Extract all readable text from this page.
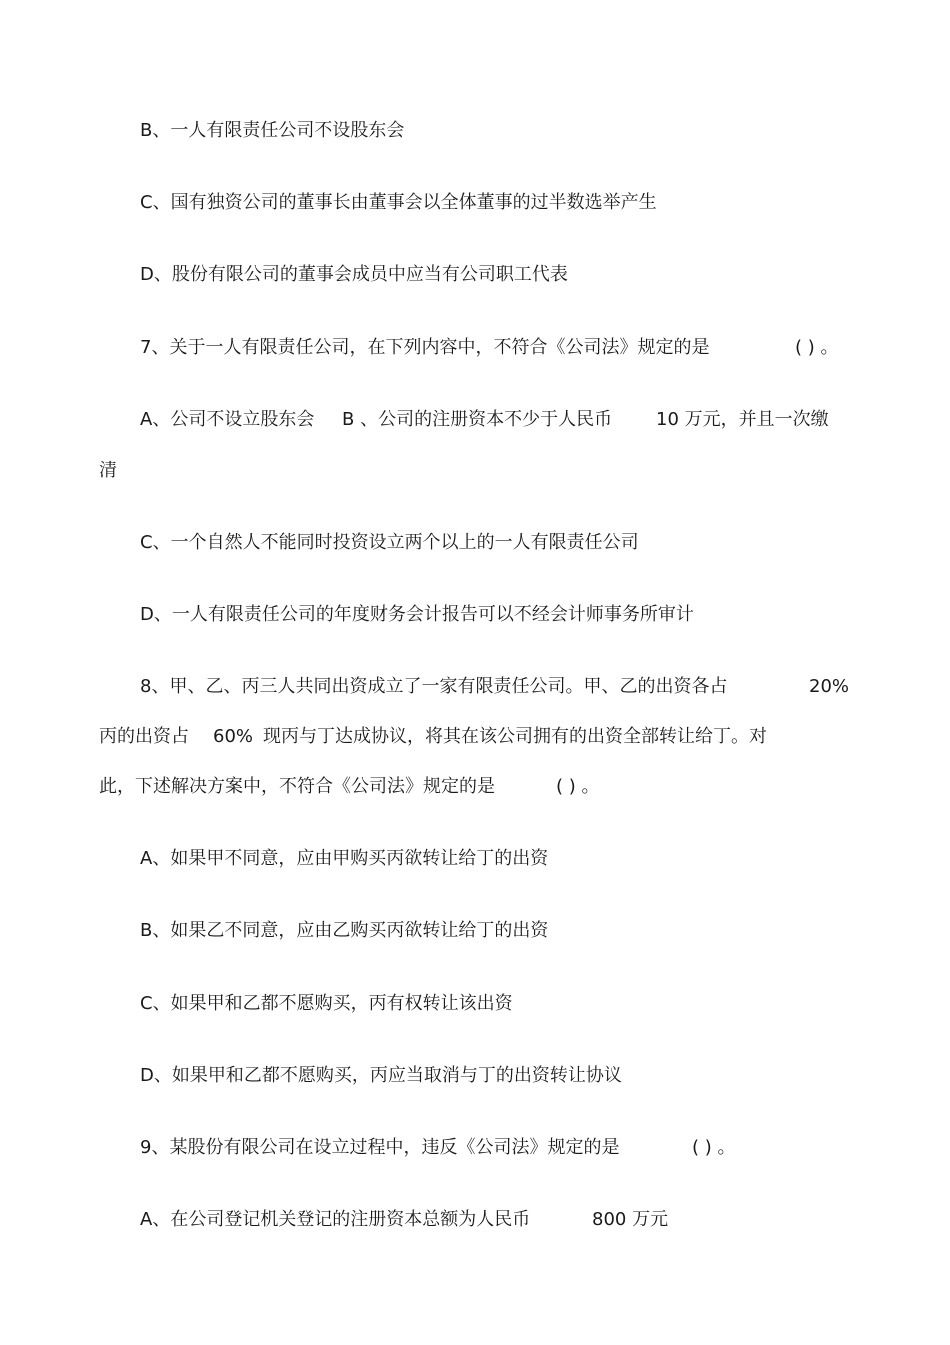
B、一人有限责任公司不设股东会
C、国有独资公司的董事长由董事会以全体董事的过半数选举产生
D、股份有限公司的董事会成员中应当有公司职工代表
7、关于一人有限责任公司，在下列内容中，不符合《公司法》规定的是	( ) 。
A、公司不设立股东会 B 、公司的注册资本不少于人民币 10 万元，并且一次缴
清
C、一个自然人不能同时投资设立两个以上的一人有限责任公司
D、一人有限责任公司的年度财务会计报告可以不经会计师事务所审计
8、甲、乙、丙三人共同出资成立了一家有限责任公司。甲、乙的出资各占	20%
丙的出资占 60% 现丙与丁达成协议，将其在该公司拥有的出资全部转让给丁。对
此，下述解决方案中，不符合《公司法》规定的是	( ) 。
A、如果甲不同意，应由甲购买丙欲转让给丁的出资
B、如果乙不同意，应由乙购买丙欲转让给丁的出资
C、如果甲和乙都不愿购买，丙有权转让该出资
D、如果甲和乙都不愿购买，丙应当取消与丁的出资转让协议
9、某股份有限公司在设立过程中，违反《公司法》规定的是	( ) 。
A、在公司登记机关登记的注册资本总额为人民币	800 万元
